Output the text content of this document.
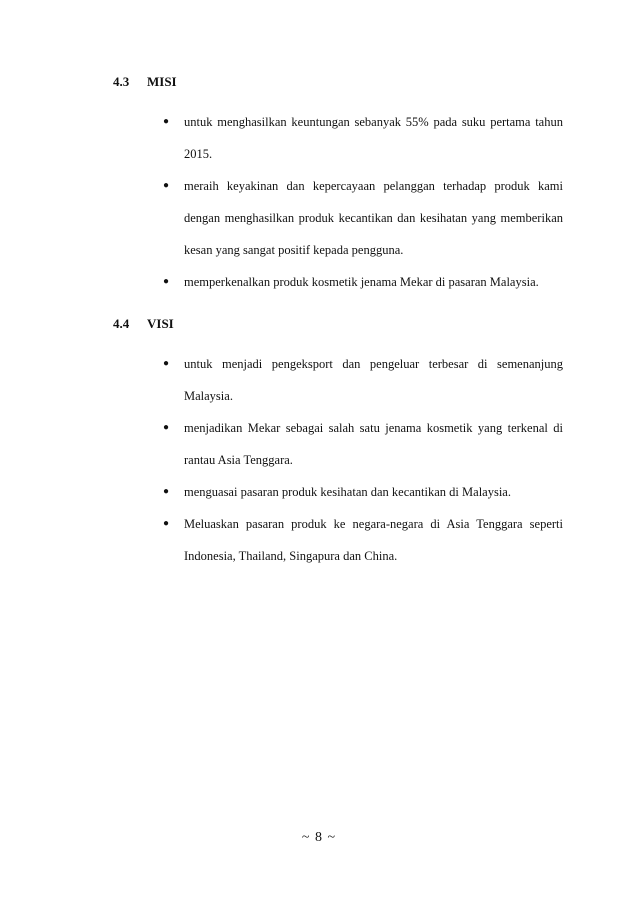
4.3 MISI
● untuk menghasilkan keuntungan sebanyak 55% pada suku pertama tahun 2015.
● meraih keyakinan dan kepercayaan pelanggan terhadap produk kami dengan menghasilkan produk kecantikan dan kesihatan yang memberikan kesan yang sangat positif kepada pengguna.
● memperkenalkan produk kosmetik jenama Mekar di pasaran Malaysia.
4.4 VISI
● untuk menjadi pengeksport dan pengeluar terbesar di semenanjung Malaysia.
● menjadikan Mekar sebagai salah satu jenama kosmetik yang terkenal di rantau Asia Tenggara.
● menguasai pasaran produk kesihatan dan kecantikan di Malaysia.
● Meluaskan pasaran produk ke negara-negara di Asia Tenggara seperti Indonesia, Thailand, Singapura dan China.
~ 8 ~
